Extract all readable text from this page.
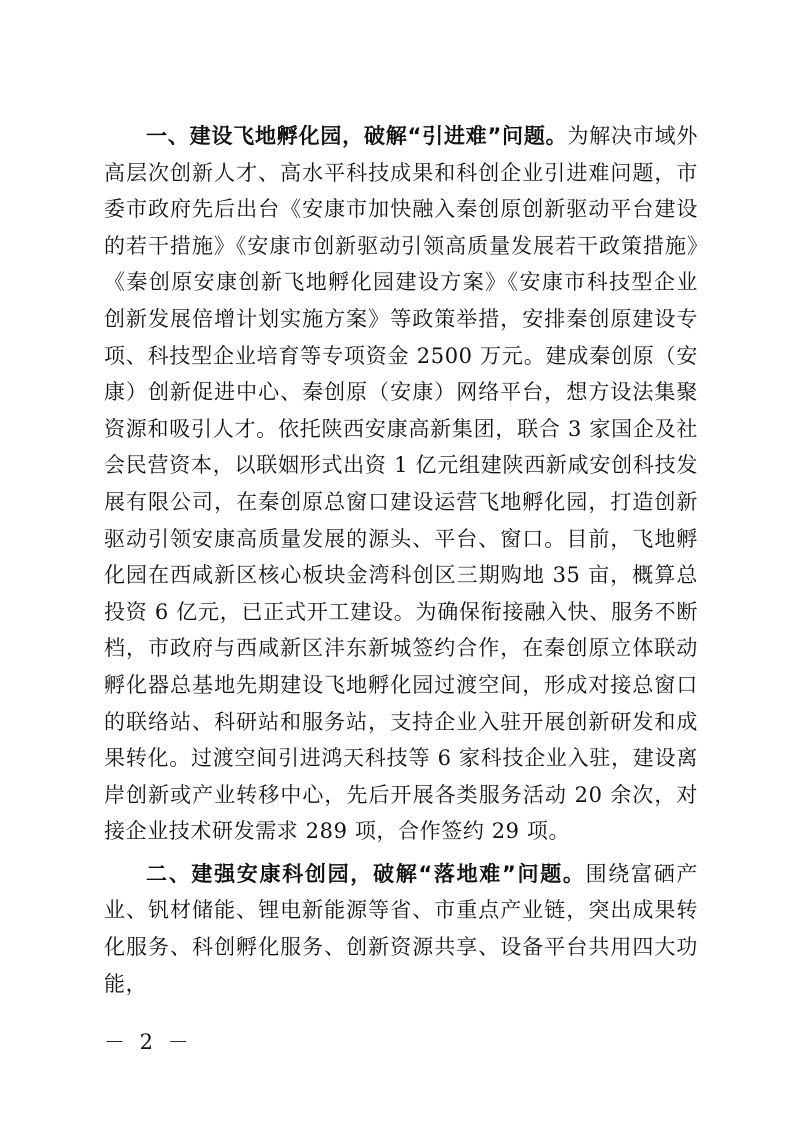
一、建设飞地孵化园，破解“引进难”问题。为解决市域外高层次创新人才、高水平科技成果和科创企业引进难问题，市委市政府先后出台《安康市加快融入秦创原创新驱动平台建设的若干措施》《安康市创新驱动引领高质量发展若干政策措施》《秦创原安康创新飞地孵化园建设方案》《安康市科技型企业创新发展倍增计划实施方案》等政策举措，安排秦创原建设专项、科技型企业培育等专项资金 2500 万元。建成秦创原（安康）创新促进中心、秦创原（安康）网络平台，想方设法集聚资源和吸引人才。依托陕西安康高新集团，联合 3 家国企及社会民营资本，以联姻形式出资 1 亿元组建陕西新咸安创科技发展有限公司，在秦创原总窗口建设运营飞地孵化园，打造创新驱动引领安康高质量发展的源头、平台、窗口。目前，飞地孵化园在西咸新区核心板块金湾科创区三期购地 35 亩，概算总投资 6 亿元，已正式开工建设。为确保衔接融入快、服务不断档，市政府与西咸新区沣东新城签约合作，在秦创原立体联动孵化器总基地先期建设飞地孵化园过渡空间，形成对接总窗口的联络站、科研站和服务站，支持企业入驻开展创新研发和成果转化。过渡空间引进鸿天科技等 6 家科技企业入驻，建设离岸创新或产业转移中心，先后开展各类服务活动 20 余次，对接企业技术研发需求 289 项，合作签约 29 项。

二、建强安康科创园，破解“落地难”问题。围绕富硒产业、钒材储能、锂电新能源等省、市重点产业链，突出成果转化服务、科创孵化服务、创新资源共享、设备平台共用四大功能，

－ 2 －
